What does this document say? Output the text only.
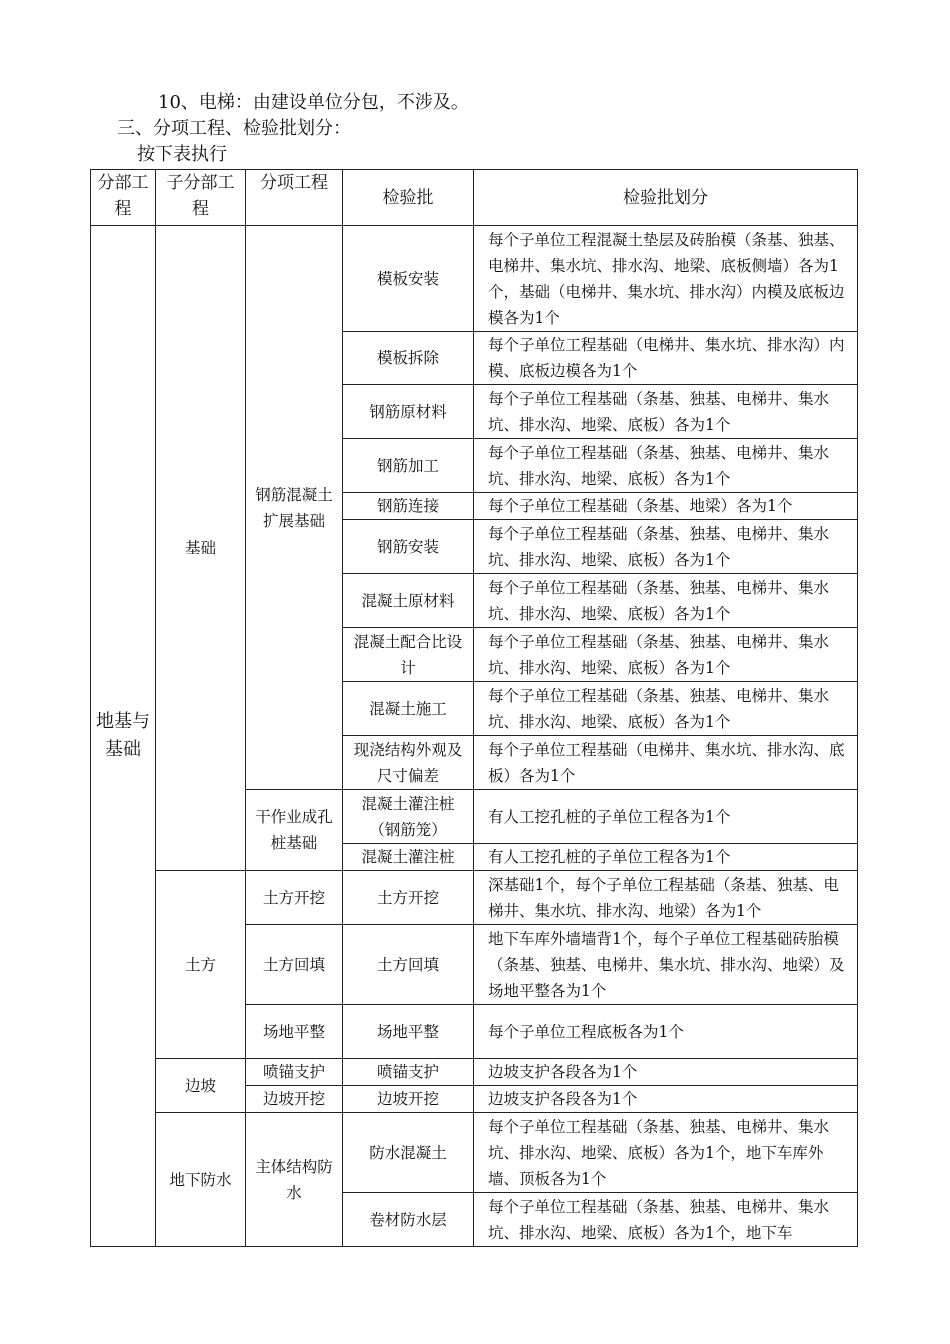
10、电梯：由建设单位分包，不涉及。
三、分项工程、检验批划分：
按下表执行
分部工程	子分部工程	分项工程	检验批	检验批划分
地基与基础	基础	钢筋混凝土扩展基础	模板安装	每个子单位工程混凝土垫层及砖胎模（条基、独基、电梯井、集水坑、排水沟、地梁、底板侧墙）各为1个，基础（电梯井、集水坑、排水沟）内模及底板边模各为1个
			模板拆除	每个子单位工程基础（电梯井、集水坑、排水沟）内模、底板边模各为1个
			钢筋原材料	每个子单位工程基础（条基、独基、电梯井、集水坑、排水沟、地梁、底板）各为1个
			钢筋加工	每个子单位工程基础（条基、独基、电梯井、集水坑、排水沟、地梁、底板）各为1个
			钢筋连接	每个子单位工程基础（条基、地梁）各为1个
			钢筋安装	每个子单位工程基础（条基、独基、电梯井、集水坑、排水沟、地梁、底板）各为1个
			混凝土原材料	每个子单位工程基础（条基、独基、电梯井、集水坑、排水沟、地梁、底板）各为1个
			混凝土配合比设计	每个子单位工程基础（条基、独基、电梯井、集水坑、排水沟、地梁、底板）各为1个
			混凝土施工	每个子单位工程基础（条基、独基、电梯井、集水坑、排水沟、地梁、底板）各为1个
			现浇结构外观及尺寸偏差	每个子单位工程基础（电梯井、集水坑、排水沟、底板）各为1个
		干作业成孔桩基础	混凝土灌注桩（钢筋笼）	有人工挖孔桩的子单位工程各为1个
			混凝土灌注桩	有人工挖孔桩的子单位工程各为1个
	土方	土方开挖	土方开挖	深基础1个，每个子单位工程基础（条基、独基、电梯井、集水坑、排水沟、地梁）各为1个
		土方回填	土方回填	地下车库外墙墙背1个，每个子单位工程基础砖胎模（条基、独基、电梯井、集水坑、排水沟、地梁）及场地平整各为1个
		场地平整	场地平整	每个子单位工程底板各为1个
	边坡	喷锚支护	喷锚支护	边坡支护各段各为1个
		边坡开挖	边坡开挖	边坡支护各段各为1个
	地下防水	主体结构防水	防水混凝土	每个子单位工程基础（条基、独基、电梯井、集水坑、排水沟、地梁、底板）各为1个，地下车库外墙、顶板各为1个
			卷材防水层	每个子单位工程基础（条基、独基、电梯井、集水坑、排水沟、地梁、底板）各为1个，地下车
